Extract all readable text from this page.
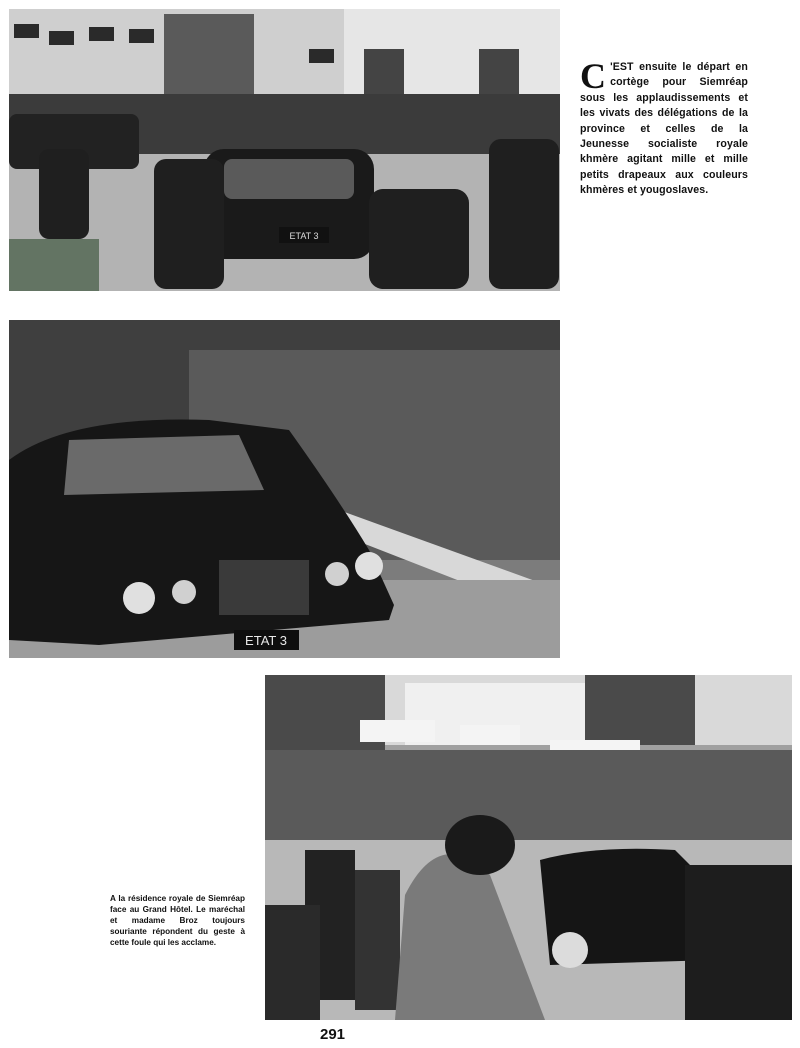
ETAT 3
C 'EST ensuite le départ en cortège pour Siemréap sous les applaudissements et les vivats des délégations de la province et celles de la Jeunesse socialiste royale khmère agitant mille et mille petits drapeaux aux couleurs khmères et yougoslaves.
ETAT 3
A la résidence royale de Siemréap face au Grand Hôtel. Le maréchal et madame Broz toujours souriante répondent du geste à cette foule qui les acclame.
291
